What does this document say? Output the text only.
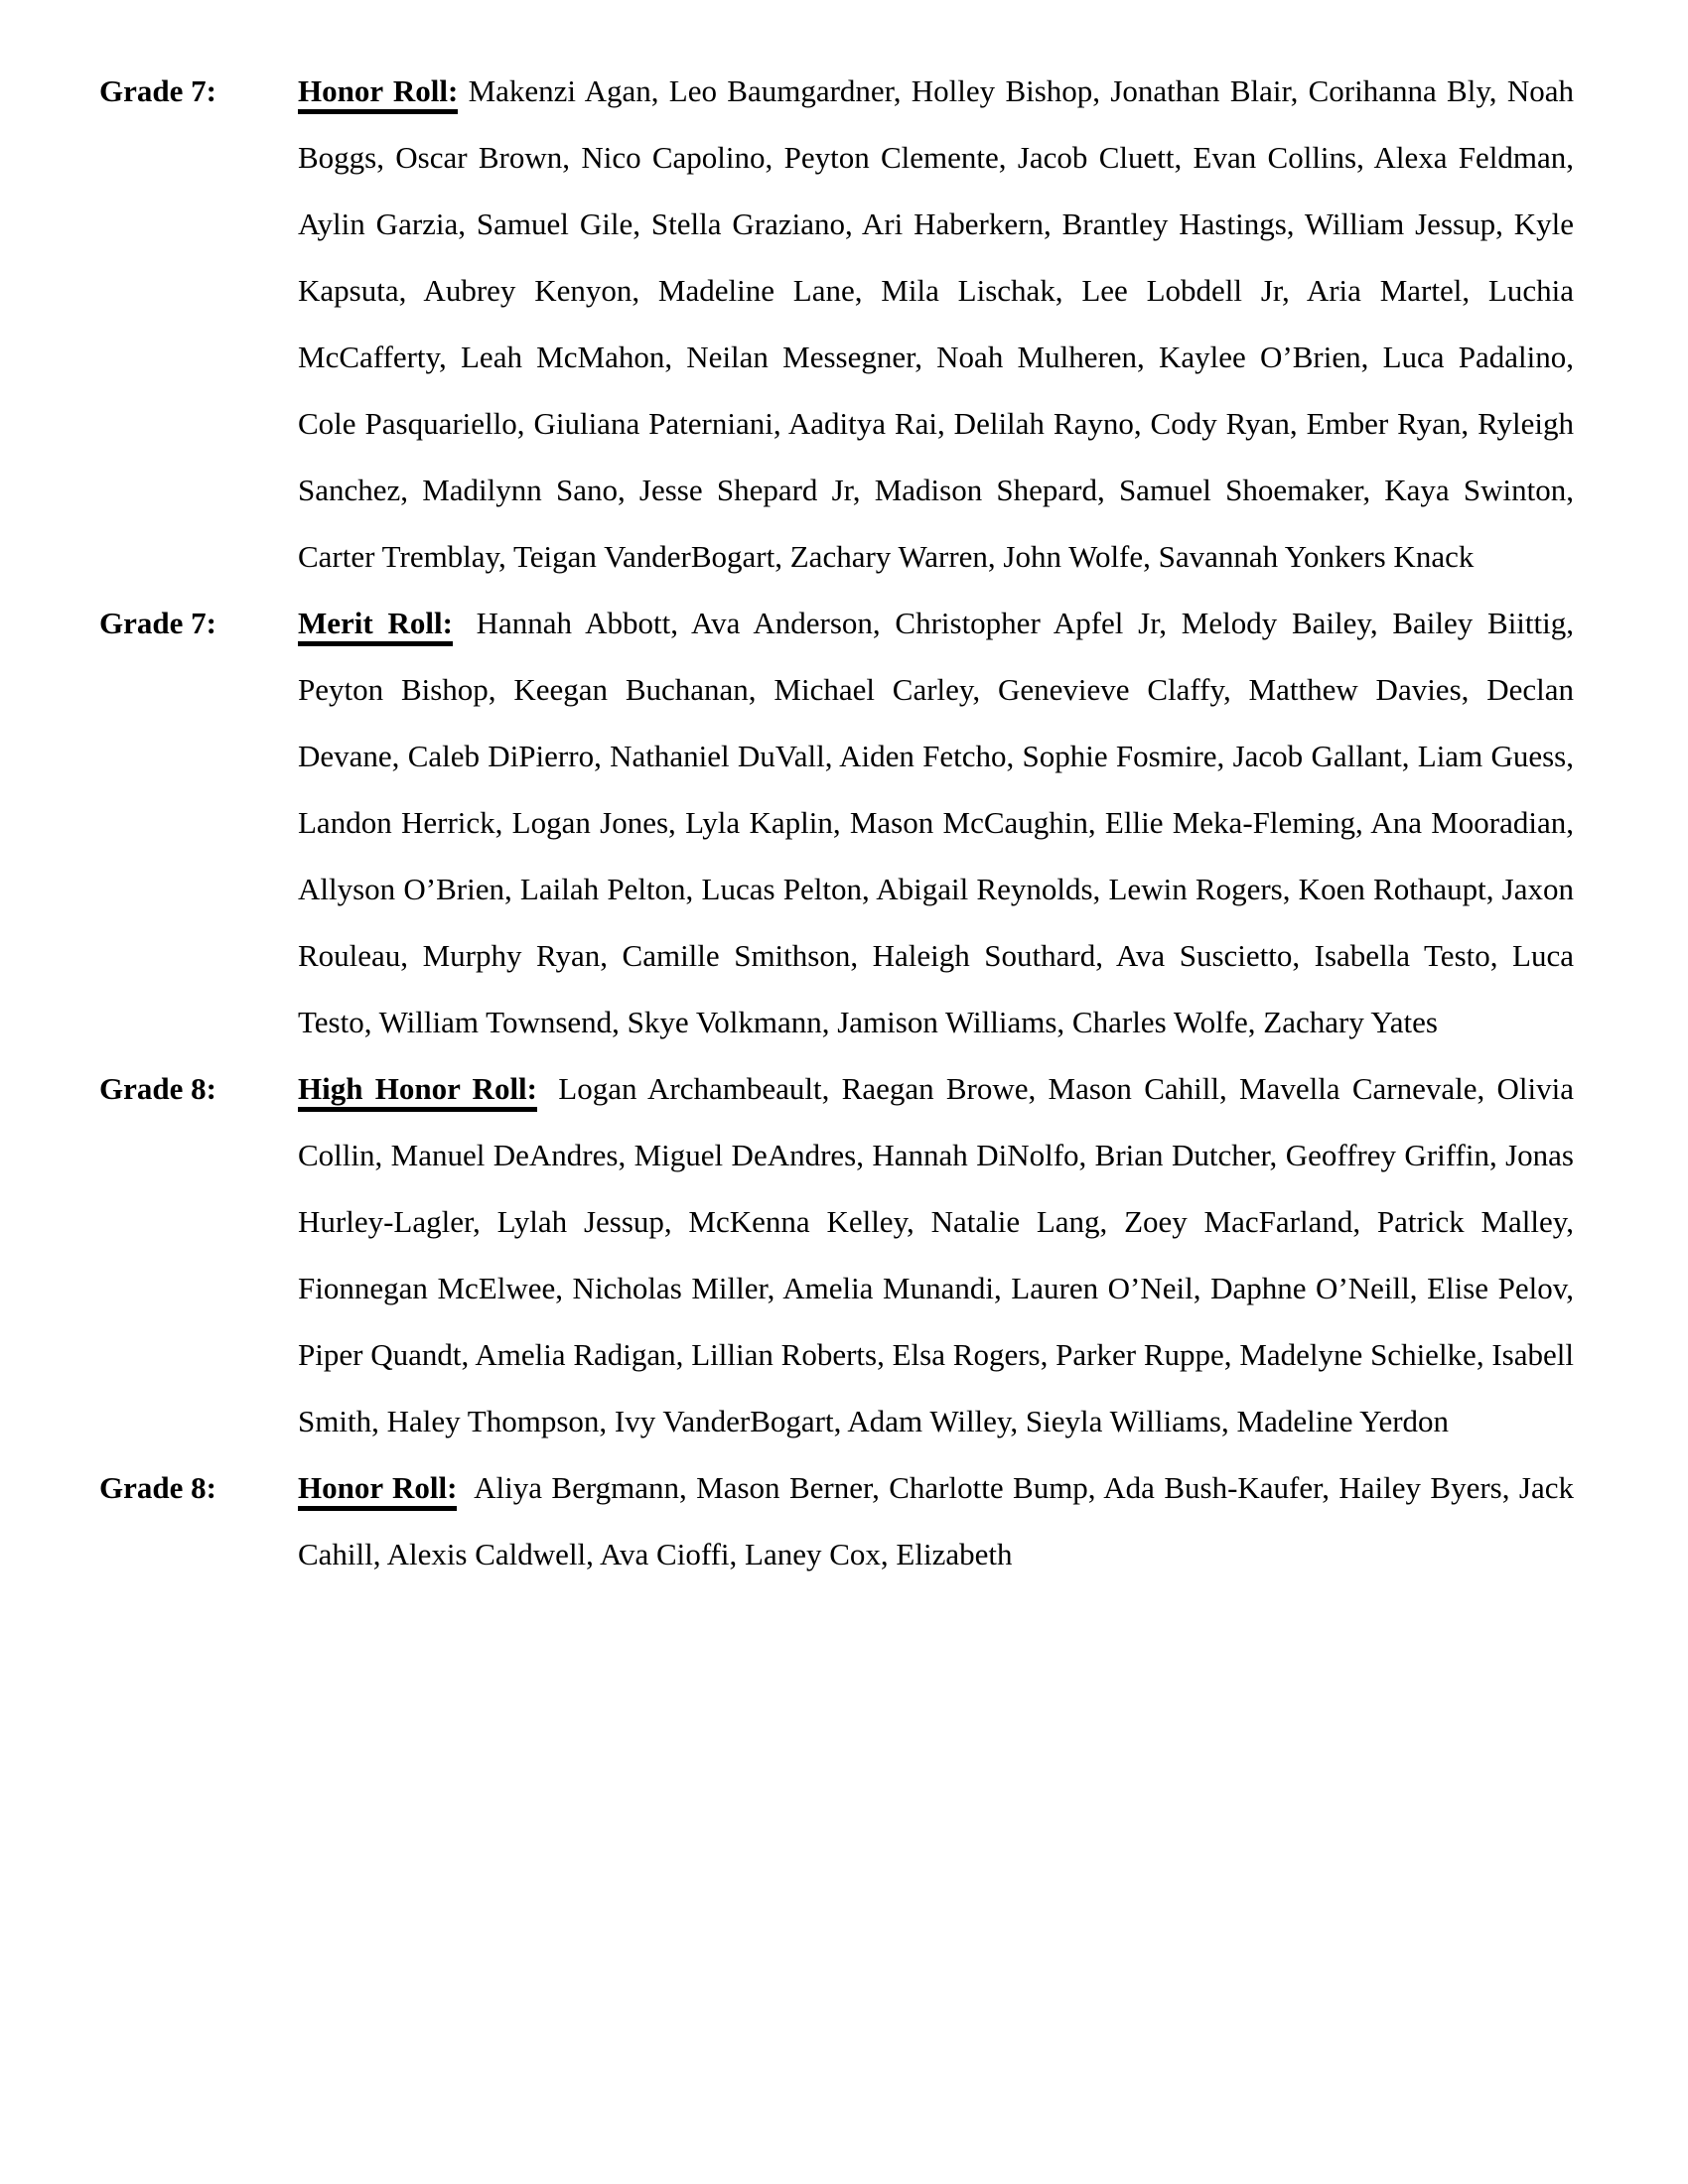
Grade 7:	Honor Roll: Makenzi Agan, Leo Baumgardner, Holley Bishop, Jonathan Blair, Corihanna Bly, Noah Boggs, Oscar Brown, Nico Capolino, Peyton Clemente, Jacob Cluett, Evan Collins, Alexa Feldman, Aylin Garzia, Samuel Gile, Stella Graziano, Ari Haberkern, Brantley Hastings, William Jessup, Kyle Kapsuta, Aubrey Kenyon, Madeline Lane, Mila Lischak, Lee Lobdell Jr, Aria Martel, Luchia McCafferty, Leah McMahon, Neilan Messegner, Noah Mulheren, Kaylee O’Brien, Luca Padalino, Cole Pasquariello, Giuliana Paterniani, Aaditya Rai, Delilah Rayno, Cody Ryan, Ember Ryan, Ryleigh Sanchez, Madilynn Sano, Jesse Shepard Jr, Madison Shepard, Samuel Shoemaker, Kaya Swinton, Carter Tremblay, Teigan VanderBogart, Zachary Warren, John Wolfe, Savannah Yonkers Knack

Grade 7:	Merit Roll: Hannah Abbott, Ava Anderson, Christopher Apfel Jr, Melody Bailey, Bailey Biittig, Peyton Bishop, Keegan Buchanan, Michael Carley, Genevieve Claffy, Matthew Davies, Declan Devane, Caleb DiPierro, Nathaniel DuVall, Aiden Fetcho, Sophie Fosmire, Jacob Gallant, Liam Guess, Landon Herrick, Logan Jones, Lyla Kaplin, Mason McCaughin, Ellie Meka-Fleming, Ana Mooradian, Allyson O’Brien, Lailah Pelton, Lucas Pelton, Abigail Reynolds, Lewin Rogers, Koen Rothaupt, Jaxon Rouleau, Murphy Ryan, Camille Smithson, Haleigh Southard, Ava Suscietto, Isabella Testo, Luca Testo, William Townsend, Skye Volkmann, Jamison Williams, Charles Wolfe, Zachary Yates

Grade 8:	High Honor Roll: Logan Archambeault, Raegan Browe, Mason Cahill, Mavella Carnevale, Olivia Collin, Manuel DeAndres, Miguel DeAndres, Hannah DiNolfo, Brian Dutcher, Geoffrey Griffin, Jonas Hurley-Lagler, Lylah Jessup, McKenna Kelley, Natalie Lang, Zoey MacFarland, Patrick Malley, Fionnegan McElwee, Nicholas Miller, Amelia Munandi, Lauren O’Neil, Daphne O’Neill, Elise Pelov, Piper Quandt, Amelia Radigan, Lillian Roberts, Elsa Rogers, Parker Ruppe, Madelyne Schielke, Isabell Smith, Haley Thompson, Ivy VanderBogart, Adam Willey, Sieyla Williams, Madeline Yerdon

Grade 8:	Honor Roll: Aliya Bergmann, Mason Berner, Charlotte Bump, Ada Bush-Kaufer, Hailey Byers, Jack Cahill, Alexis Caldwell, Ava Cioffi, Laney Cox, Elizabeth
